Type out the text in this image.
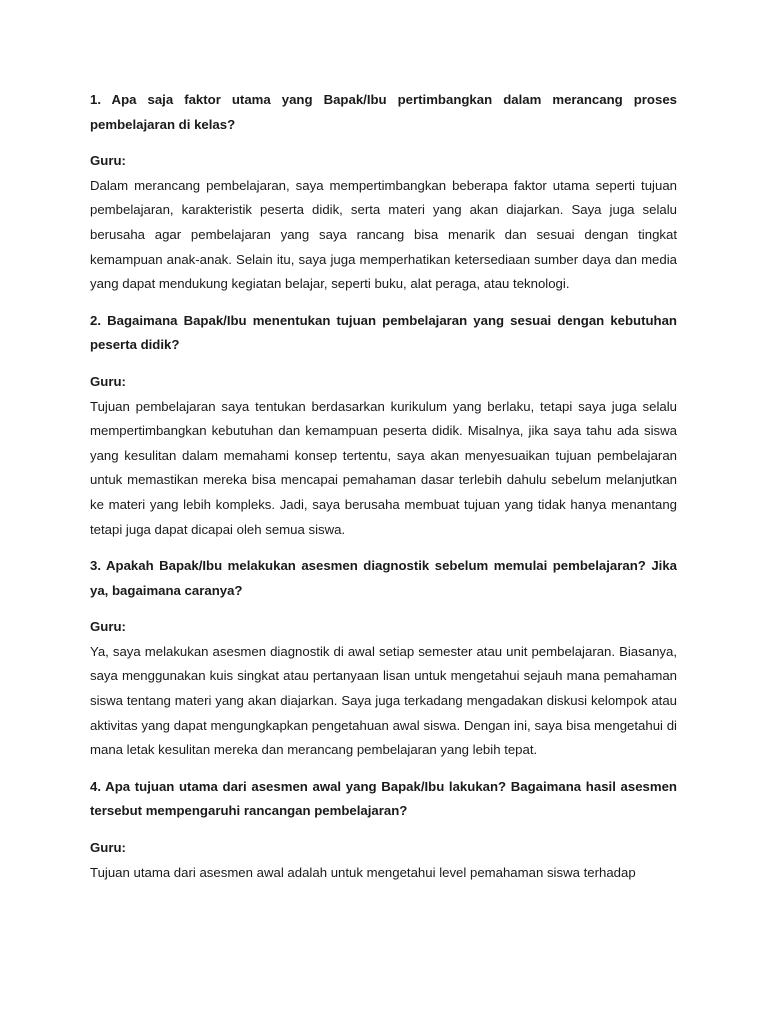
1. Apa saja faktor utama yang Bapak/Ibu pertimbangkan dalam merancang proses pembelajaran di kelas?

Guru:

Dalam merancang pembelajaran, saya mempertimbangkan beberapa faktor utama seperti tujuan pembelajaran, karakteristik peserta didik, serta materi yang akan diajarkan. Saya juga selalu berusaha agar pembelajaran yang saya rancang bisa menarik dan sesuai dengan tingkat kemampuan anak-anak. Selain itu, saya juga memperhatikan ketersediaan sumber daya dan media yang dapat mendukung kegiatan belajar, seperti buku, alat peraga, atau teknologi.

2. Bagaimana Bapak/Ibu menentukan tujuan pembelajaran yang sesuai dengan kebutuhan peserta didik?

Guru:

Tujuan pembelajaran saya tentukan berdasarkan kurikulum yang berlaku, tetapi saya juga selalu mempertimbangkan kebutuhan dan kemampuan peserta didik. Misalnya, jika saya tahu ada siswa yang kesulitan dalam memahami konsep tertentu, saya akan menyesuaikan tujuan pembelajaran untuk memastikan mereka bisa mencapai pemahaman dasar terlebih dahulu sebelum melanjutkan ke materi yang lebih kompleks. Jadi, saya berusaha membuat tujuan yang tidak hanya menantang tetapi juga dapat dicapai oleh semua siswa.

3. Apakah Bapak/Ibu melakukan asesmen diagnostik sebelum memulai pembelajaran? Jika ya, bagaimana caranya?

Guru:

Ya, saya melakukan asesmen diagnostik di awal setiap semester atau unit pembelajaran. Biasanya, saya menggunakan kuis singkat atau pertanyaan lisan untuk mengetahui sejauh mana pemahaman siswa tentang materi yang akan diajarkan. Saya juga terkadang mengadakan diskusi kelompok atau aktivitas yang dapat mengungkapkan pengetahuan awal siswa. Dengan ini, saya bisa mengetahui di mana letak kesulitan mereka dan merancang pembelajaran yang lebih tepat.

4. Apa tujuan utama dari asesmen awal yang Bapak/Ibu lakukan? Bagaimana hasil asesmen tersebut mempengaruhi rancangan pembelajaran?

Guru:

Tujuan utama dari asesmen awal adalah untuk mengetahui level pemahaman siswa terhadap
